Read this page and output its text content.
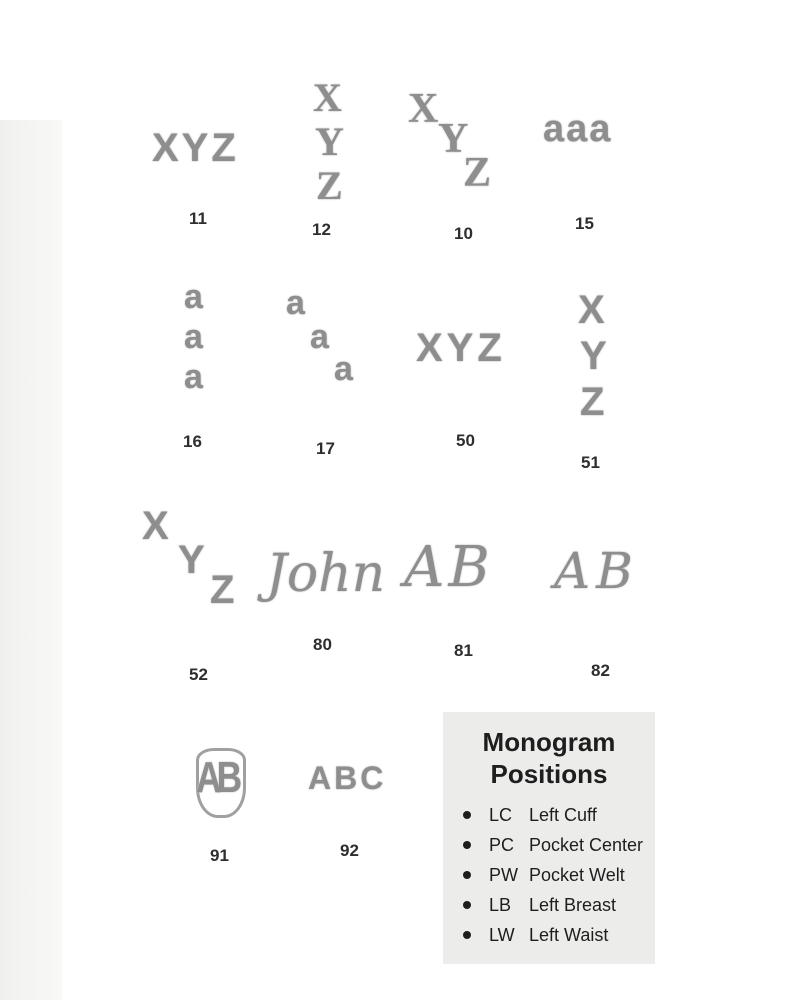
XYZ
11
X
Y
Z
12
X
Y
Z
10
aaa
15
a
a
a
16
a
a
a
17
XYZ
50
X
Y
Z
51
X
Y
Z
52
John
80
AB
81
AB
82
AB
91
ABC
92
Monogram
Positions
LC Left Cuff
PC Pocket Center
PW Pocket Welt
LB Left Breast
LW Left Waist
